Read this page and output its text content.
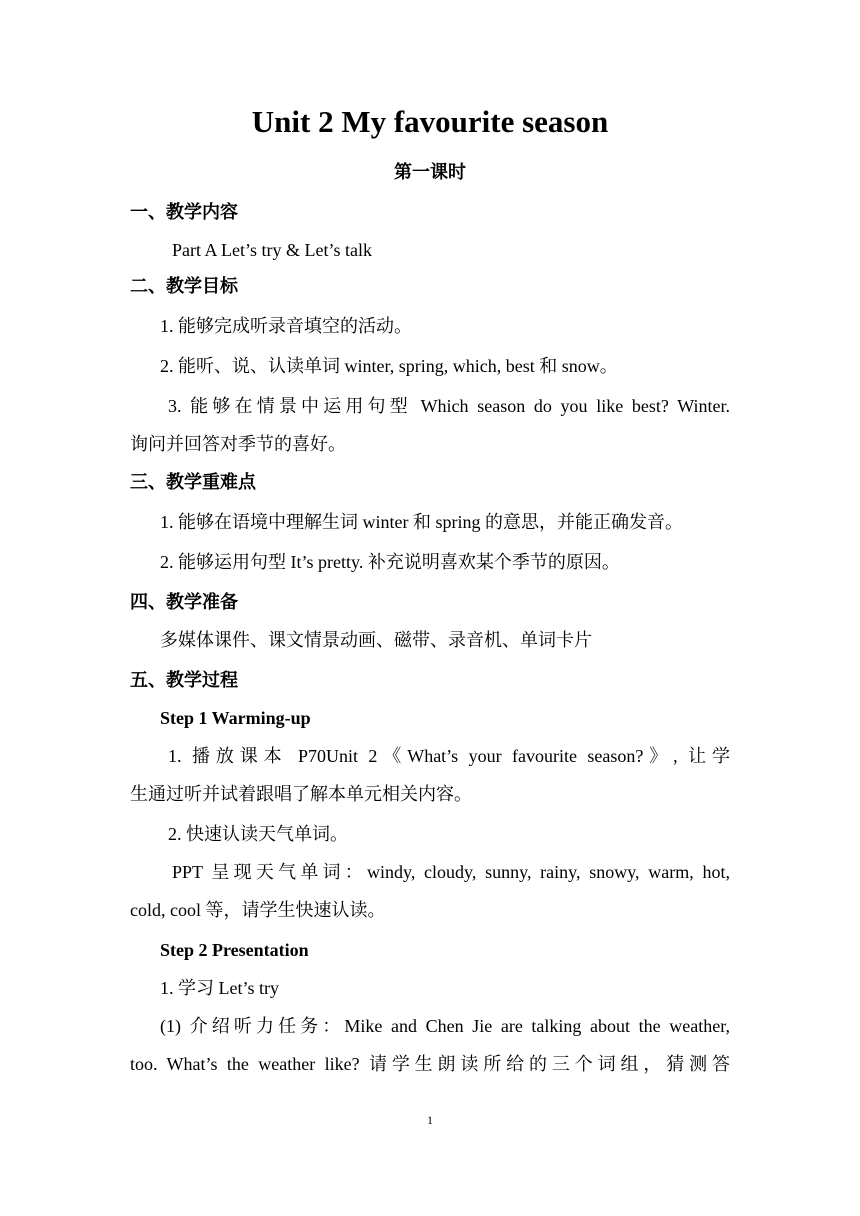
Unit 2 My favourite season
第一课时
一、教学内容
Part A Let’s try & Let’s talk
二、教学目标
1. 能够完成听录音填空的活动。
2. 能听、说、认读单词 winter, spring, which, best 和 snow。
3. 能够在情景中运用句型 Which season do you like best? Winter.
询问并回答对季节的喜好。
三、教学重难点
1. 能够在语境中理解生词 winter 和 spring 的意思，并能正确发音。
2. 能够运用句型 It’s pretty. 补充说明喜欢某个季节的原因。
四、教学准备
多媒体课件、课文情景动画、磁带、录音机、单词卡片
五、教学过程
Step 1 Warming-up
1. 播放课本 P70Unit 2《What’s your favourite season?》, 让学
生通过听并试着跟唱了解本单元相关内容。
2. 快速认读天气单词。
PPT 呈现天气单词：windy, cloudy, sunny, rainy, snowy, warm, hot,
cold, cool 等，请学生快速认读。
Step 2 Presentation
1. 学习 Let’s try
(1) 介绍听力任务：Mike and Chen Jie are talking about the weather,
too. What’s the weather like? 请学生朗读所给的三个词组，猜测答
1
